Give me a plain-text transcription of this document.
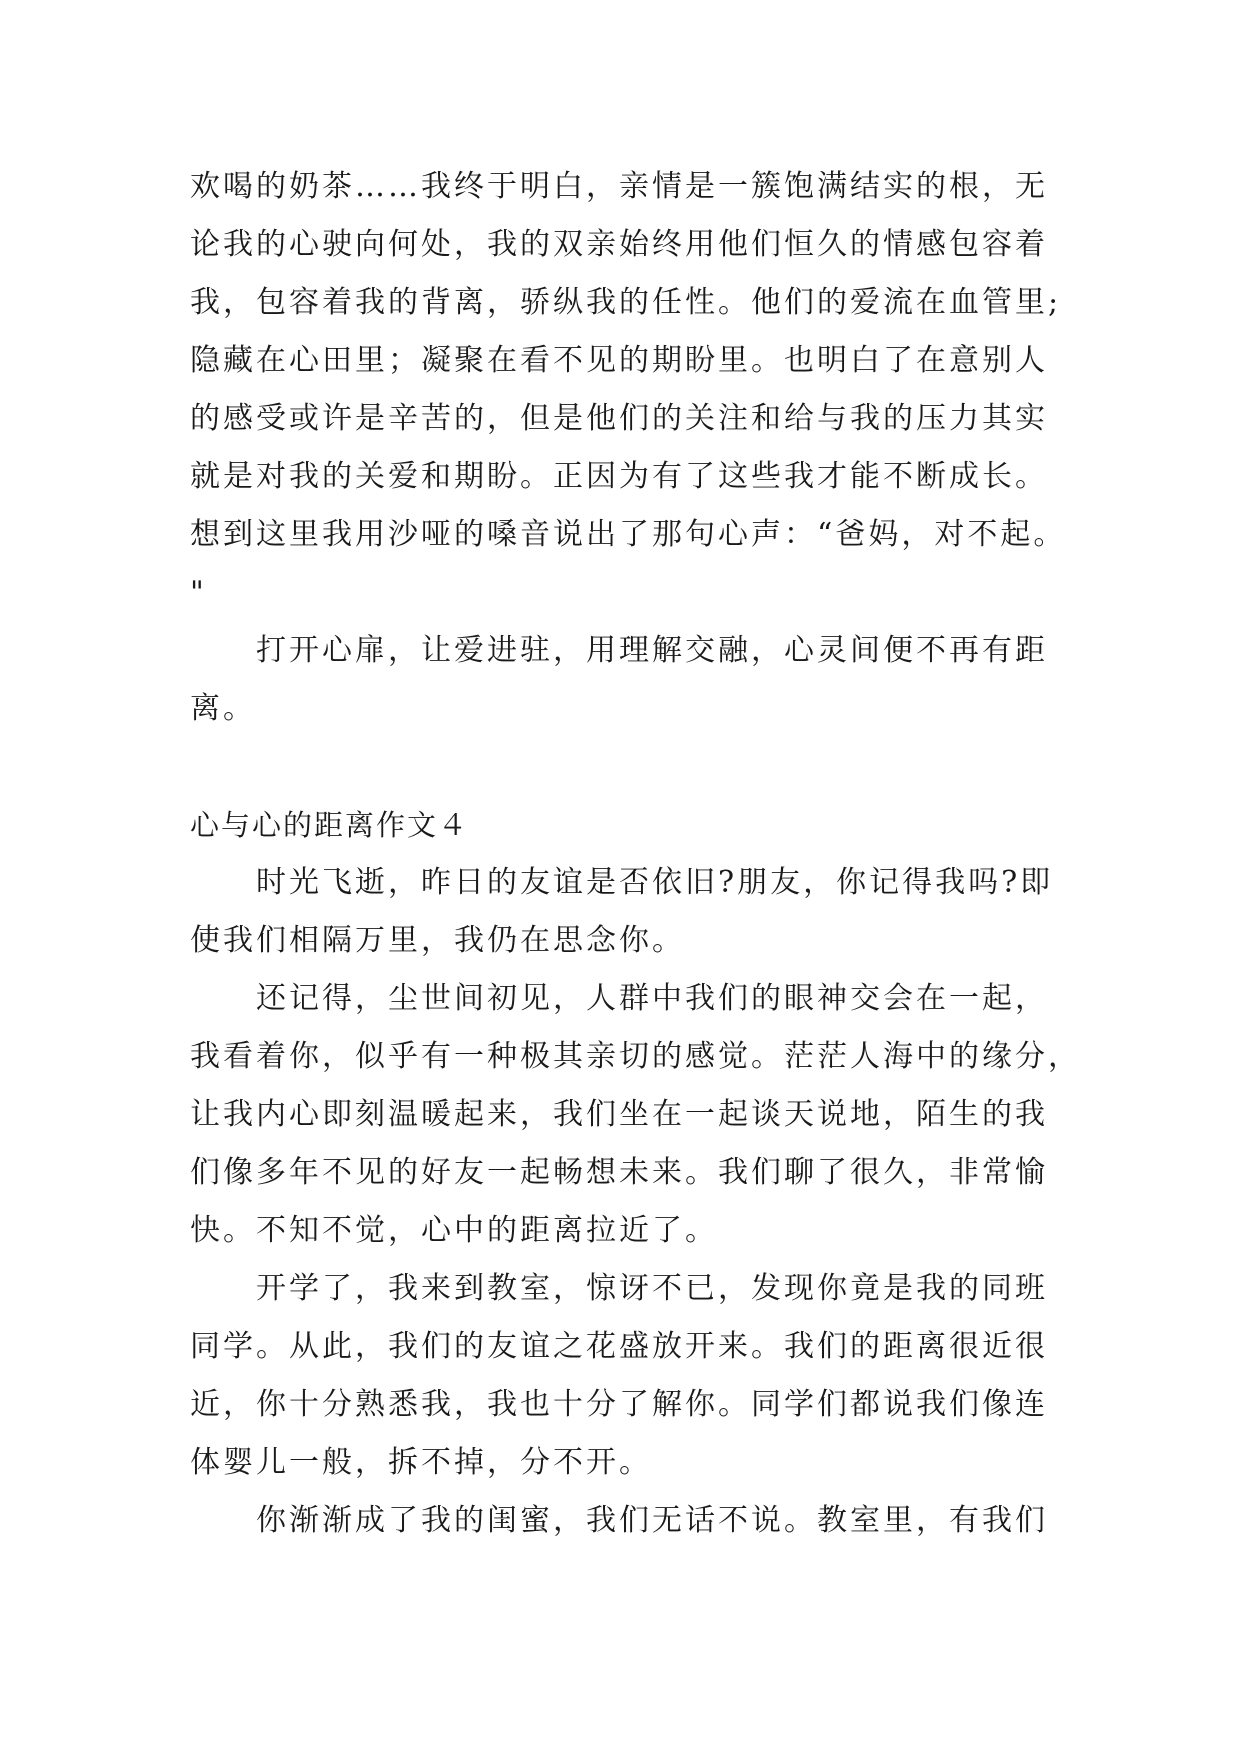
欢喝的奶茶……我终于明白，亲情是一簇饱满结实的根，无
论我的心驶向何处，我的双亲始终用他们恒久的情感包容着
我，包容着我的背离，骄纵我的任性。他们的爱流在血管里;
隐藏在心田里；凝聚在看不见的期盼里。也明白了在意别人
的感受或许是辛苦的，但是他们的关注和给与我的压力其实
就是对我的关爱和期盼。正因为有了这些我才能不断成长。
想到这里我用沙哑的嗓音说出了那句心声：“爸妈，对不起。
"
打开心扉，让爱进驻，用理解交融，心灵间便不再有距
离。
心与心的距离作文４
时光飞逝，昨日的友谊是否依旧?朋友，你记得我吗?即
使我们相隔万里，我仍在思念你。
还记得，尘世间初见，人群中我们的眼神交会在一起，
我看着你，似乎有一种极其亲切的感觉。茫茫人海中的缘分，
让我内心即刻温暖起来，我们坐在一起谈天说地，陌生的我
们像多年不见的好友一起畅想未来。我们聊了很久，非常愉
快。不知不觉，心中的距离拉近了。
开学了，我来到教室，惊讶不已，发现你竟是我的同班
同学。从此，我们的友谊之花盛放开来。我们的距离很近很
近，你十分熟悉我，我也十分了解你。同学们都说我们像连
体婴儿一般，拆不掉，分不开。
你渐渐成了我的闺蜜，我们无话不说。教室里，有我们
